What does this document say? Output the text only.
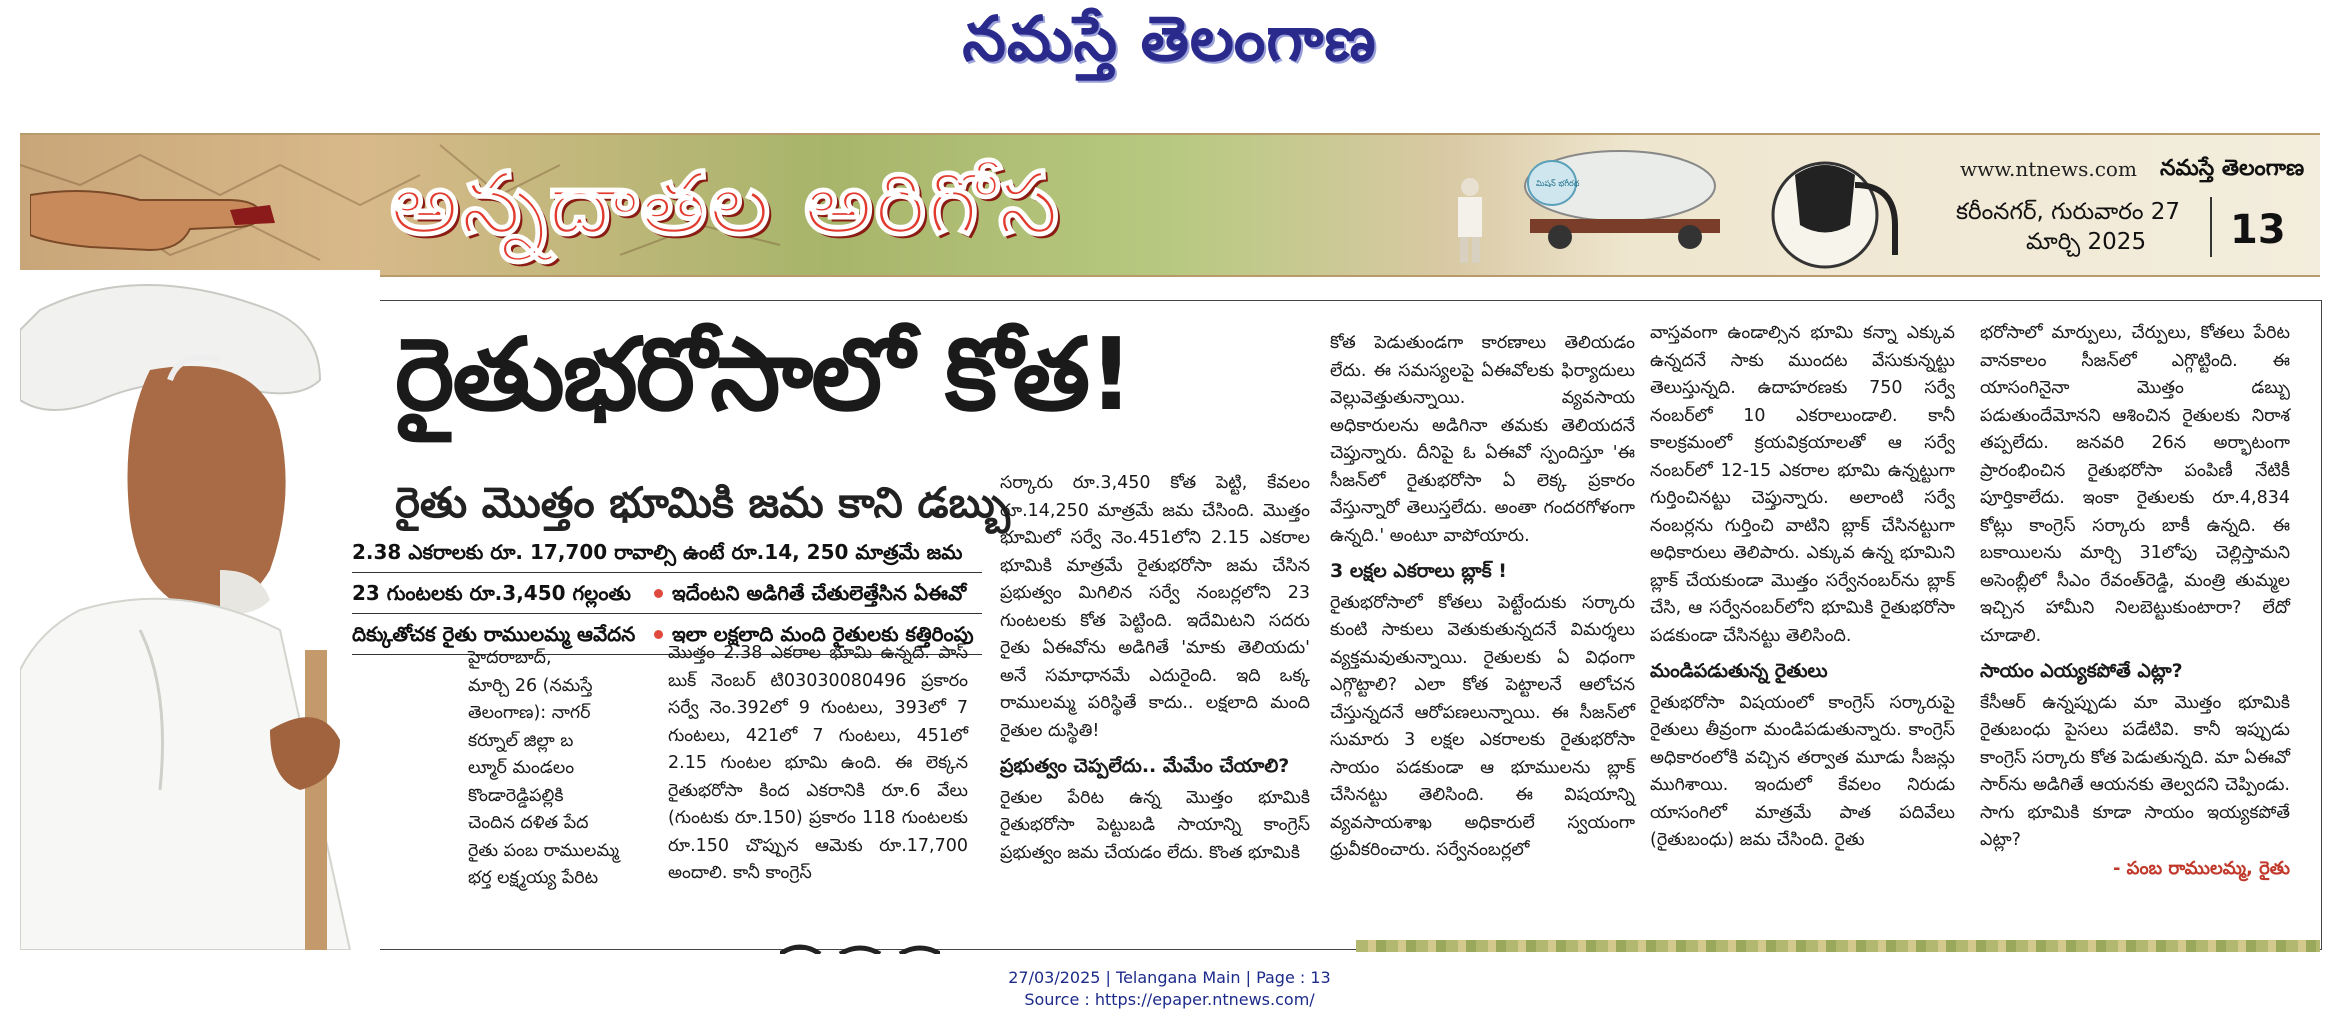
నమస్తే తెలంగాణ
అన్నదాతల అరిగోస	మిషన్ భగీరథ
www.ntnews.com నమస్తే తెలంగాణ
కరీంనగర్, గురువారం 27
మార్చి 2025	13
రైతుభరోసాలో కోత!
రైతు మొత్తం భూమికి జమ కాని డబ్బు
2.38 ఎకరాలకు రూ. 17,700 రావాల్సి ఉంటే రూ.14, 250 మాత్రమే జమ
23 గుంటలకు రూ.3,450 గల్లంతు ఇదేంటని అడిగితే చేతులెత్తేసిన ఏఈవో
దిక్కుతోచక రైతు రాములమ్మ ఆవేదన ఇలా లక్షలాది మంది రైతులకు కత్తిరింపు
హైదరాబాద్,
మార్చి 26 (నమస్తే
తెలంగాణ): నాగర్
కర్నూల్ జిల్లా బ
ల్మూర్ మండలం
కొండారెడ్డిపల్లికి
చెందిన దళిత పేద
రైతు పంబ రాములమ్మ
భర్త లక్ష్మయ్య పేరిట

మొత్తం 2.38 ఎకరాల భూమి ఉన్నది. పాస్ బుక్ నెంబర్ టి03030080496 ప్రకారం సర్వే నెం.392లో 9 గుంటలు, 393లో 7 గుంటలు, 421లో 7 గుంటలు, 451లో 2.15 గుంటల భూమి ఉంది. ఈ లెక్కన రైతుభరోసా కింద ఎకరానికి రూ.6 వేలు (గుంటకు రూ.150) ప్రకారం 118 గుంటలకు రూ.150 చొప్పున ఆమెకు రూ.17,700 అందాలి. కానీ కాంగ్రెస్

సర్కారు రూ.3,450 కోత పెట్టి, కేవలం రూ.14,250 మాత్రమే జమ చేసింది. మొత్తం భూమిలో సర్వే నెం.451లోని 2.15 ఎకరాల భూమికి మాత్రమే రైతుభరోసా జమ చేసిన ప్రభుత్వం మిగిలిన సర్వే నంబర్లలోని 23 గుంటలకు కోత పెట్టింది. ఇదేమిటని సదరు రైతు ఏఈవోను అడిగితే 'మాకు తెలియదు' అనే సమాధానమే ఎదురైంది. ఇది ఒక్క రాములమ్మ పరిస్థితే కాదు.. లక్షలాది మంది రైతుల దుస్థితి!

ప్రభుత్వం చెప్పలేదు.. మేమేం చేయాలి?

రైతుల పేరిట ఉన్న మొత్తం భూమికి రైతుభరోసా పెట్టుబడి సాయాన్ని కాంగ్రెస్ ప్రభుత్వం జమ చేయడం లేదు. కొంత భూమికి

కోత పెడుతుండగా కారణాలు తెలియడం లేదు. ఈ సమస్యలపై ఏఈవోలకు ఫిర్యాదులు వెల్లువెత్తుతున్నాయి. వ్యవసాయ అధికారులను అడిగినా తమకు తెలియదనే చెప్తున్నారు. దీనిపై ఓ ఏఈవో స్పందిస్తూ 'ఈ సీజన్‌లో రైతుభరోసా ఏ లెక్క ప్రకారం వేస్తున్నారో తెలుస్తలేదు. అంతా గందరగోళంగా ఉన్నది.' అంటూ వాపోయారు.

3 లక్షల ఎకరాలు బ్లాక్ !

రైతుభరోసాలో కోతలు పెట్టేందుకు సర్కారు కుంటి సాకులు వెతుకుతున్నదనే విమర్శలు వ్యక్తమవుతున్నాయి. రైతులకు ఏ విధంగా ఎగ్గొట్టాలి? ఎలా కోత పెట్టాలనే ఆలోచన చేస్తున్నదనే ఆరోపణలున్నాయి. ఈ సీజన్‌లో సుమారు 3 లక్షల ఎకరాలకు రైతుభరోసా సాయం పడకుండా ఆ భూములను బ్లాక్ చేసినట్టు తెలిసింది. ఈ విషయాన్ని వ్యవసాయశాఖ అధికారులే స్వయంగా ధ్రువీకరించారు. సర్వేనంబర్లలో

వాస్తవంగా ఉండాల్సిన భూమి కన్నా ఎక్కువ ఉన్నదనే సాకు ముందట వేసుకున్నట్టు తెలుస్తున్నది. ఉదాహరణకు 750 సర్వే నంబర్‌లో 10 ఎకరాలుండాలి. కానీ కాలక్రమంలో క్రయవిక్రయాలతో ఆ సర్వే నంబర్‌లో 12-15 ఎకరాల భూమి ఉన్నట్టుగా గుర్తించినట్టు చెప్తున్నారు. అలాంటి సర్వే నంబర్లను గుర్తించి వాటిని బ్లాక్ చేసినట్టుగా అధికారులు తెలిపారు. ఎక్కువ ఉన్న భూమిని బ్లాక్ చేయకుండా మొత్తం సర్వేనంబర్‌ను బ్లాక్ చేసి, ఆ సర్వేనంబర్‌లోని భూమికి రైతుభరోసా పడకుండా చేసినట్టు తెలిసింది.

మండిపడుతున్న రైతులు

రైతుభరోసా విషయంలో కాంగ్రెస్ సర్కారుపై రైతులు తీవ్రంగా మండిపడుతున్నారు. కాంగ్రెస్ అధికారంలోకి వచ్చిన తర్వాత మూడు సీజన్లు ముగిశాయి. ఇందులో కేవలం నిరుడు యాసంగిలో మాత్రమే పాత పదివేలు (రైతుబంధు) జమ చేసింది. రైతు

భరోసాలో మార్పులు, చేర్పులు, కోతలు పేరిట వానకాలం సీజన్‌లో ఎగ్గొట్టింది. ఈ యాసంగినైనా మొత్తం డబ్బు పడుతుందేమోనని ఆశించిన రైతులకు నిరాశ తప్పలేదు. జనవరి 26న అర్భాటంగా ప్రారంభించిన రైతుభరోసా పంపిణీ నేటికీ పూర్తికాలేదు. ఇంకా రైతులకు రూ.4,834 కోట్లు కాంగ్రెస్ సర్కారు బాకీ ఉన్నది. ఈ బకాయిలను మార్చి 31లోపు చెల్లిస్తామని అసెంబ్లీలో సీఎం రేవంత్‌రెడ్డి, మంత్రి తుమ్మల ఇచ్చిన హామీని నిలబెట్టుకుంటారా? లేదో చూడాలి.

సాయం ఎయ్యకపోతే ఎట్లా?

కేసీఆర్ ఉన్నప్పుడు మా మొత్తం భూమికి రైతుబంధు పైసలు పడేటివి. కానీ ఇప్పుడు కాంగ్రెస్ సర్కారు కోత పెడుతున్నది. మా ఏఈవో సార్‌ను అడిగితే ఆయనకు తెల్వదని చెప్పిండు. సాగు భూమికి కూడా సాయం ఇయ్యకపోతే ఎట్లా?

- పంబ రాములమ్మ, రైతు
27/03/2025 | Telangana Main | Page : 13
Source : https://epaper.ntnews.com/
